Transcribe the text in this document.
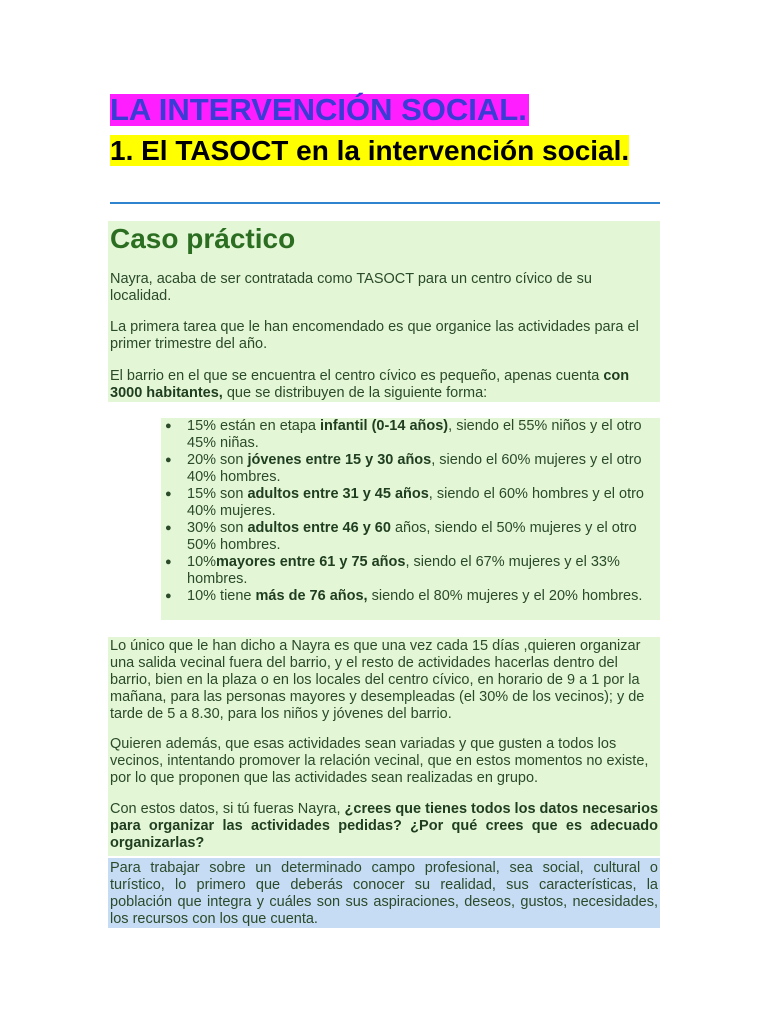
LA INTERVENCIÓN SOCIAL.
1. El TASOCT en la intervención social.
Caso práctico
Nayra, acaba de ser contratada como TASOCT para un centro cívico de su localidad.
La primera tarea que le han encomendado es que organice las actividades para el primer trimestre del año.
El barrio en el que se encuentra el centro cívico es pequeño, apenas cuenta con 3000 habitantes, que se distribuyen de la siguiente forma:
● 15% están en etapa infantil (0-14 años), siendo el 55% niños y el otro 45% niñas.
● 20% son jóvenes entre 15 y 30 años, siendo el 60% mujeres y el otro 40% hombres.
● 15% son adultos entre 31 y 45 años, siendo el 60% hombres y el otro 40% mujeres.
● 30% son adultos entre 46 y 60 años, siendo el 50% mujeres y el otro 50% hombres.
● 10%mayores entre 61 y 75 años, siendo el 67% mujeres y el 33% hombres.
● 10% tiene más de 76 años, siendo el 80% mujeres y el 20% hombres.
Lo único que le han dicho a Nayra es que una vez cada 15 días ,quieren organizar una salida vecinal fuera del barrio, y el resto de actividades hacerlas dentro del barrio, bien en la plaza o en los locales del centro cívico, en horario de 9 a 1 por la mañana, para las personas mayores y desempleadas (el 30% de los vecinos); y de tarde de 5 a 8.30, para los niños y jóvenes del barrio.
Quieren además, que esas actividades sean variadas y que gusten a todos los vecinos, intentando promover la relación vecinal, que en estos momentos no existe, por lo que proponen que las actividades sean realizadas en grupo.
Con estos datos, si tú fueras Nayra, ¿crees que tienes todos los datos necesarios para organizar las actividades pedidas? ¿Por qué crees que es adecuado organizarlas?
Para trabajar sobre un determinado campo profesional, sea social, cultural o turístico, lo primero que deberás conocer su realidad, sus características, la población que integra y cuáles son sus aspiraciones, deseos, gustos, necesidades, los recursos con los que cuenta.
